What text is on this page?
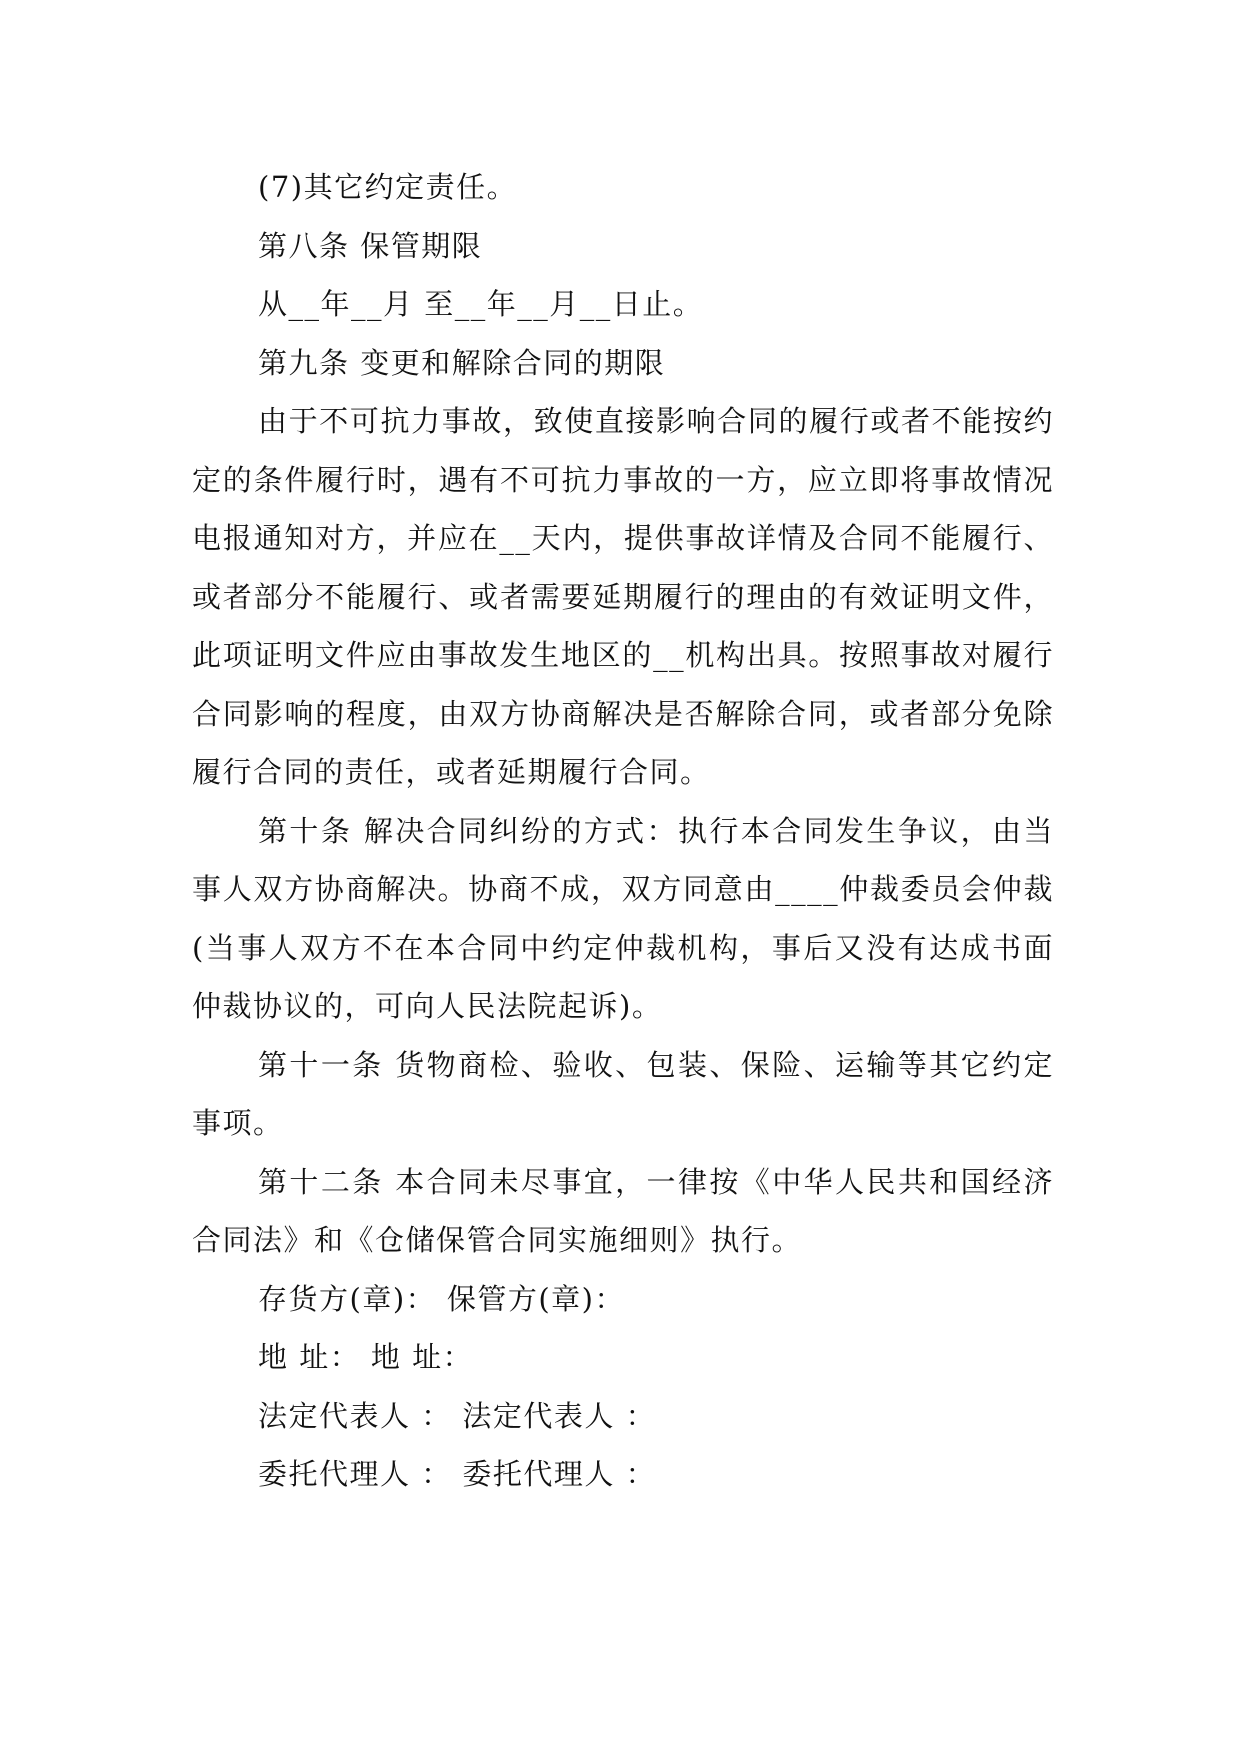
(7)其它约定责任。

第八条 保管期限

从__年__月 至__年__月__日止。

第九条 变更和解除合同的期限

由于不可抗力事故，致使直接影响合同的履行或者不能按约定的条件履行时，遇有不可抗力事故的一方，应立即将事故情况电报通知对方，并应在__天内，提供事故详情及合同不能履行、或者部分不能履行、或者需要延期履行的理由的有效证明文件，此项证明文件应由事故发生地区的__机构出具。按照事故对履行合同影响的程度，由双方协商解决是否解除合同，或者部分免除履行合同的责任，或者延期履行合同。

第十条 解决合同纠纷的方式：执行本合同发生争议，由当事人双方协商解决。协商不成，双方同意由____仲裁委员会仲裁(当事人双方不在本合同中约定仲裁机构，事后又没有达成书面仲裁协议的，可向人民法院起诉)。

第十一条 货物商检、验收、包装、保险、运输等其它约定事项。

第十二条 本合同未尽事宜，一律按《中华人民共和国经济合同法》和《仓储保管合同实施细则》执行。

存货方(章)： 保管方(章)：

地 址： 地 址：

法定代表人 ： 法定代表人 ：

委托代理人 ： 委托代理人 ：
